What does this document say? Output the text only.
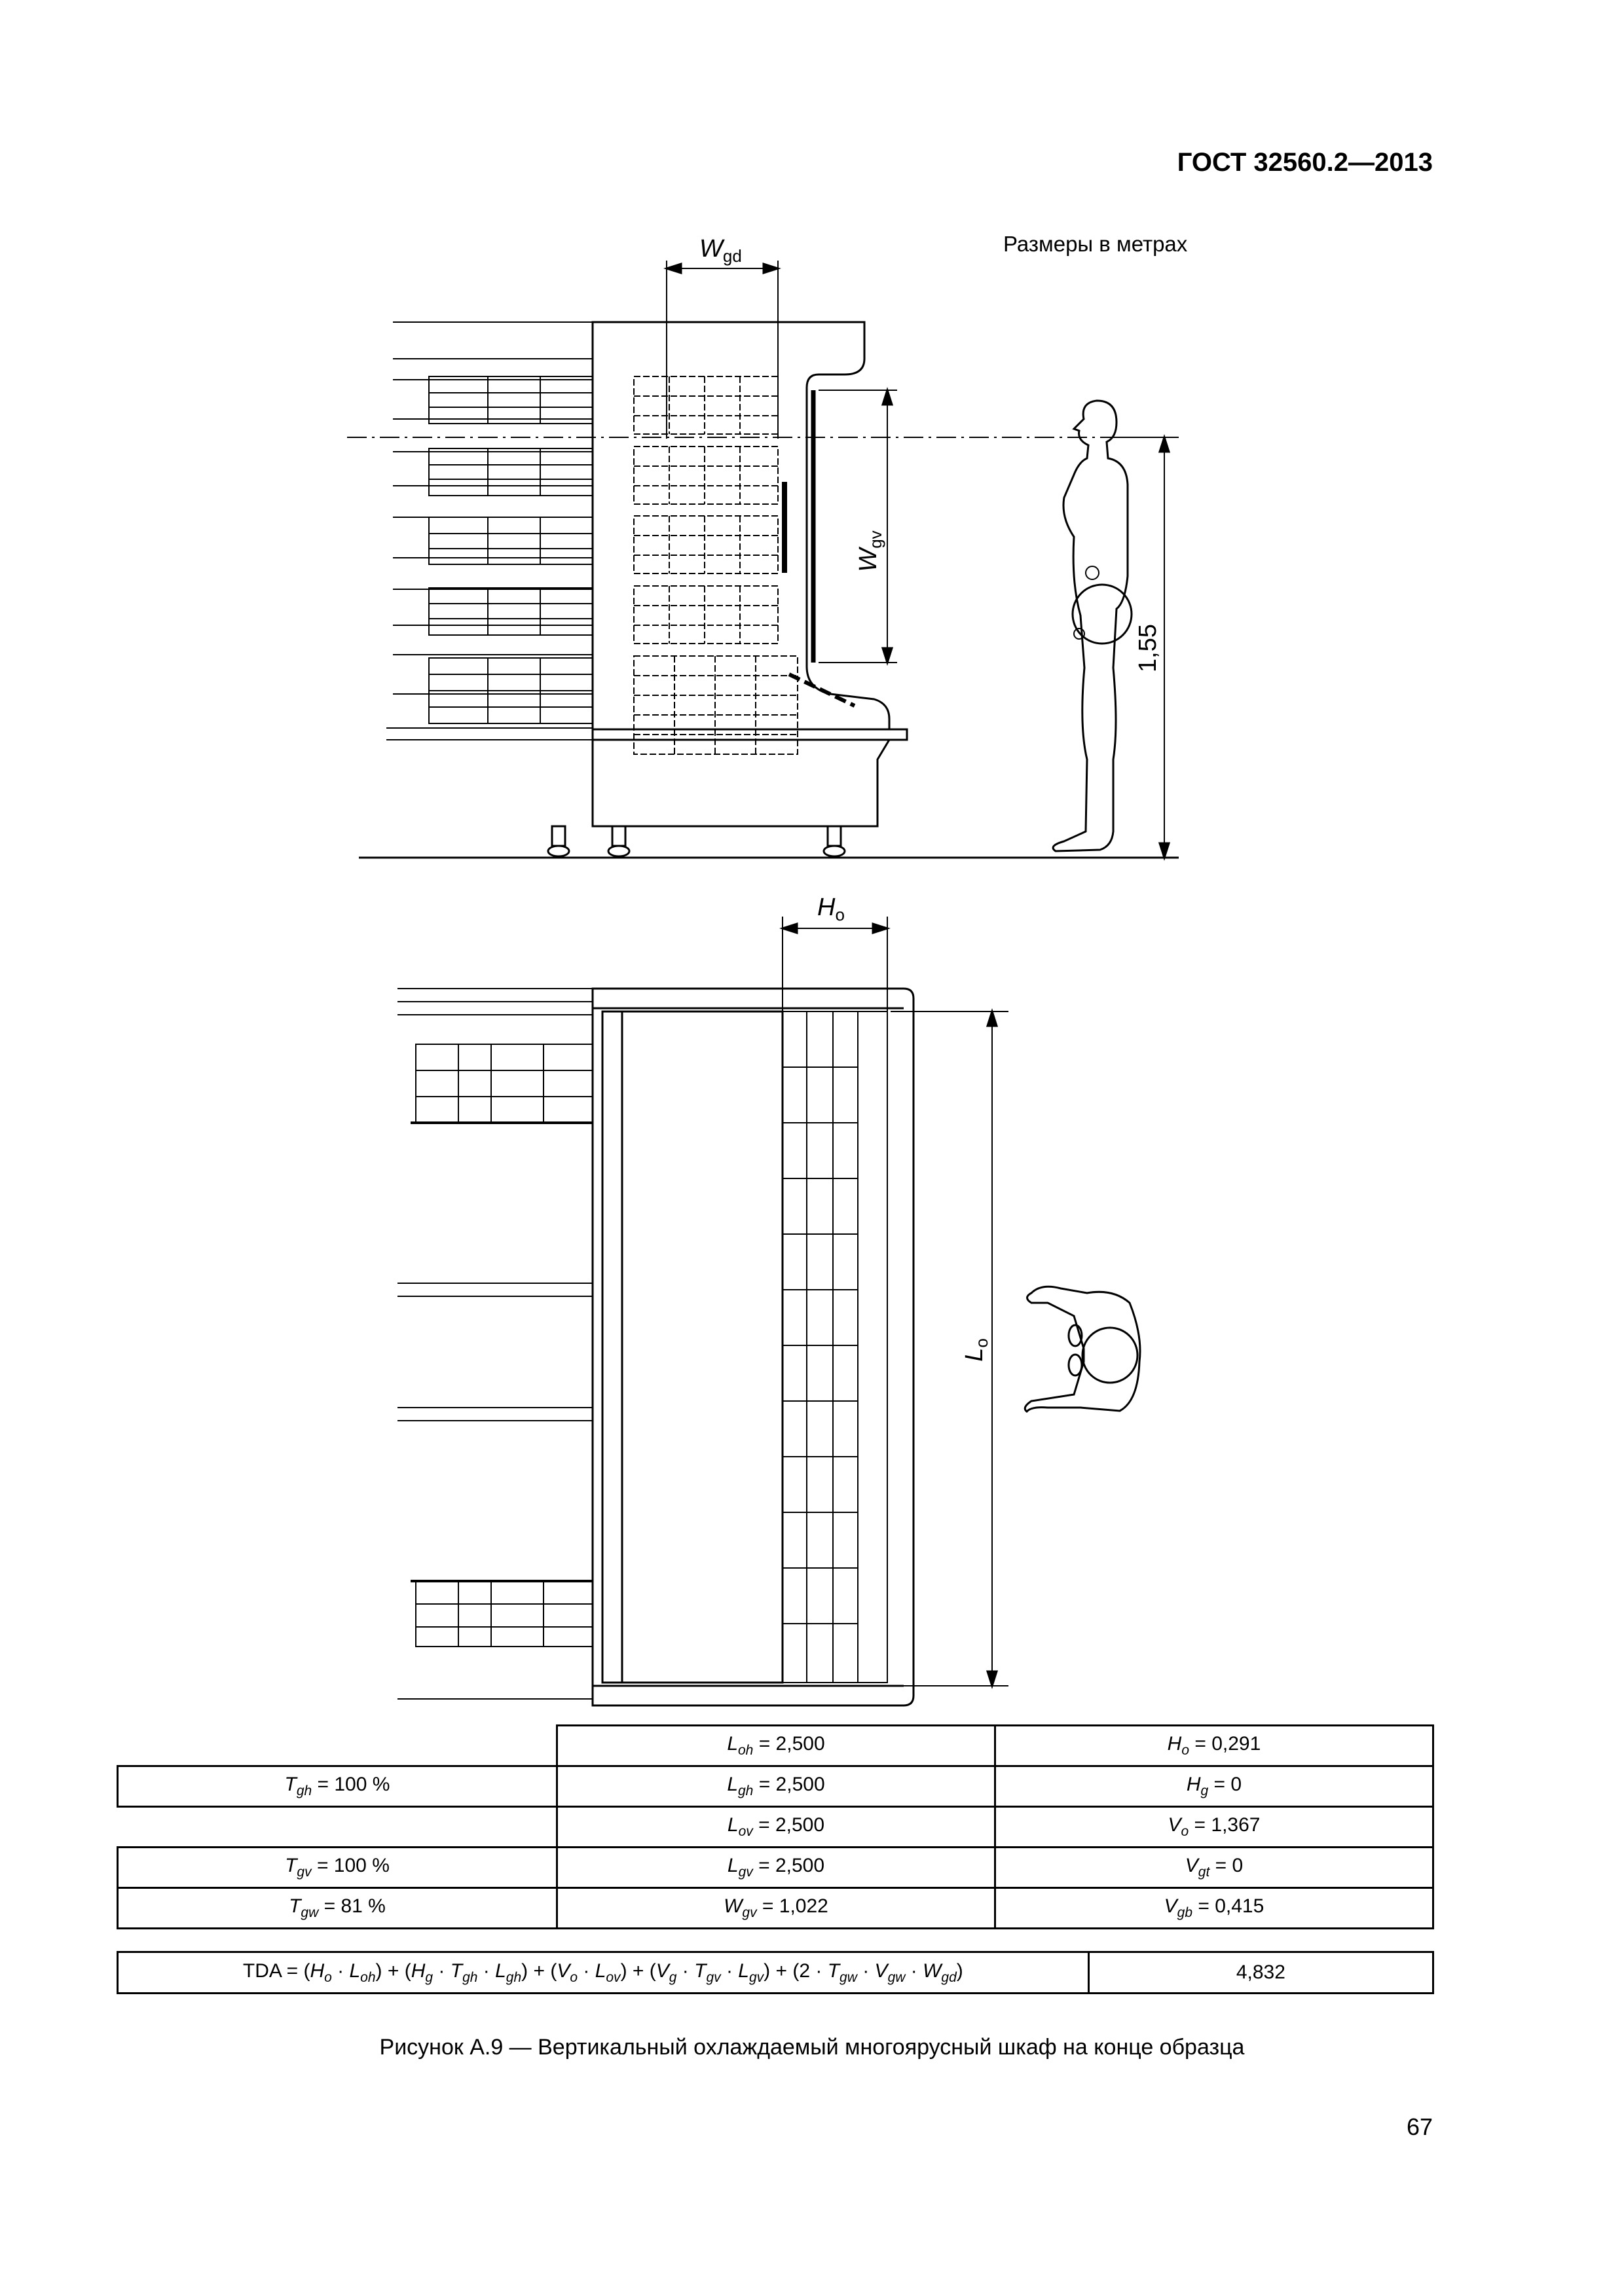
ГОСТ 32560.2—2013
Размеры в метрах
$W_{gd}$
$H_o$
$W_{gv}$
1,55
$L_o$
	$L_{oh} = 2,500$	$H_o = 0,291$
$T_{gh} = 100$ %	$L_{gh} = 2,500$	$H_g = 0$
	$L_{ov} = 2,500$	$V_o = 1,367$
$T_{gv} = 100$ %	$L_{gv} = 2,500$	$V_{gt} = 0$
$T_{gw} = 81$ %	$W_{gv} = 1,022$	$V_{gb} = 0,415$
TDA = $(H_o \cdot L_{oh}) + (H_g \cdot T_{gh} \cdot L_{gh}) + (V_o \cdot L_{ov}) + (V_g \cdot T_{gv} \cdot L_{gv}) + (2 \cdot T_{gw} \cdot V_{gw} \cdot W_{gd})$	4,832
Рисунок А.9 — Вертикальный охлаждаемый многоярусный шкаф на конце образца
67
